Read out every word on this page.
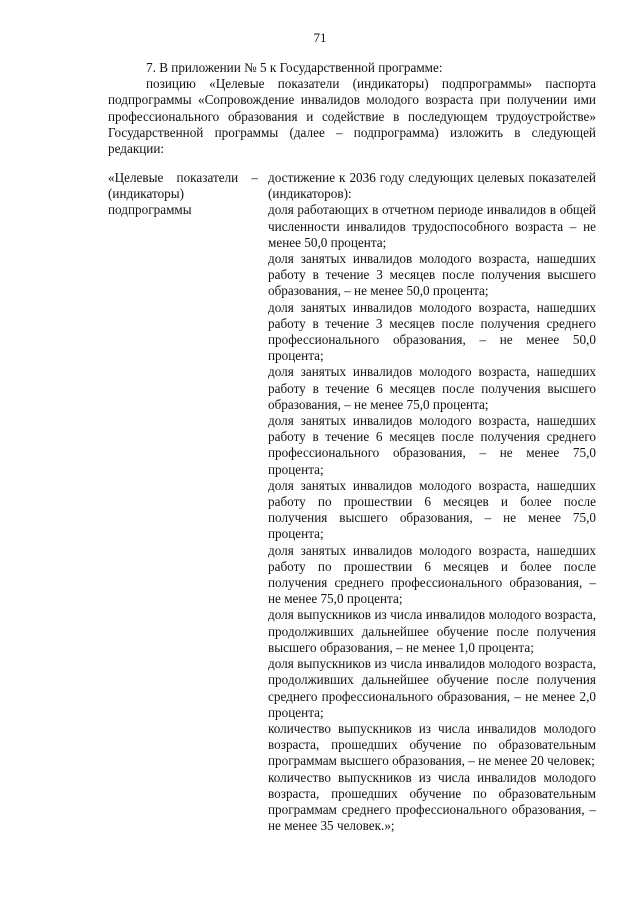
71

7. В приложении № 5 к Государственной программе:

позицию «Целевые показатели (индикаторы) подпрограммы» паспорта подпрограммы «Сопровождение инвалидов молодого возраста при получении ими профессионального образования и содействие в последующем трудоустройстве» Государственной программы (далее – подпрограмма) изложить в следующей редакции:

«Целевые показатели – (индикаторы) подпрограммы

достижение к 2036 году следующих целевых показателей (индикаторов):

доля работающих в отчетном периоде инвалидов в общей численности инвалидов трудоспособного возраста – не менее 50,0 процента;

доля занятых инвалидов молодого возраста, нашедших работу в течение 3 месяцев после получения высшего образования, – не менее 50,0 процента;

доля занятых инвалидов молодого возраста, нашедших работу в течение 3 месяцев после получения среднего профессионального образования, – не менее 50,0 процента;

доля занятых инвалидов молодого возраста, нашедших работу в течение 6 месяцев после получения высшего образования, – не менее 75,0 процента;

доля занятых инвалидов молодого возраста, нашедших работу в течение 6 месяцев после получения среднего профессионального образования, – не менее 75,0 процента;

доля занятых инвалидов молодого возраста, нашедших работу по прошествии 6 месяцев и более после получения высшего образования, – не менее 75,0 процента;

доля занятых инвалидов молодого возраста, нашедших работу по прошествии 6 месяцев и более после получения среднего профессионального образования, – не менее 75,0 процента;

доля выпускников из числа инвалидов молодого возраста, продолживших дальнейшее обучение после получения высшего образования, – не менее 1,0 процента;

доля выпускников из числа инвалидов молодого возраста, продолживших дальнейшее обучение после получения среднего профессионального образования, – не менее 2,0 процента;

количество выпускников из числа инвалидов молодого возраста, прошедших обучение по образовательным программам высшего образования, – не менее 20 человек;

количество выпускников из числа инвалидов молодого возраста, прошедших обучение по образовательным программам среднего профессионального образования, – не менее 35 человек.»;
